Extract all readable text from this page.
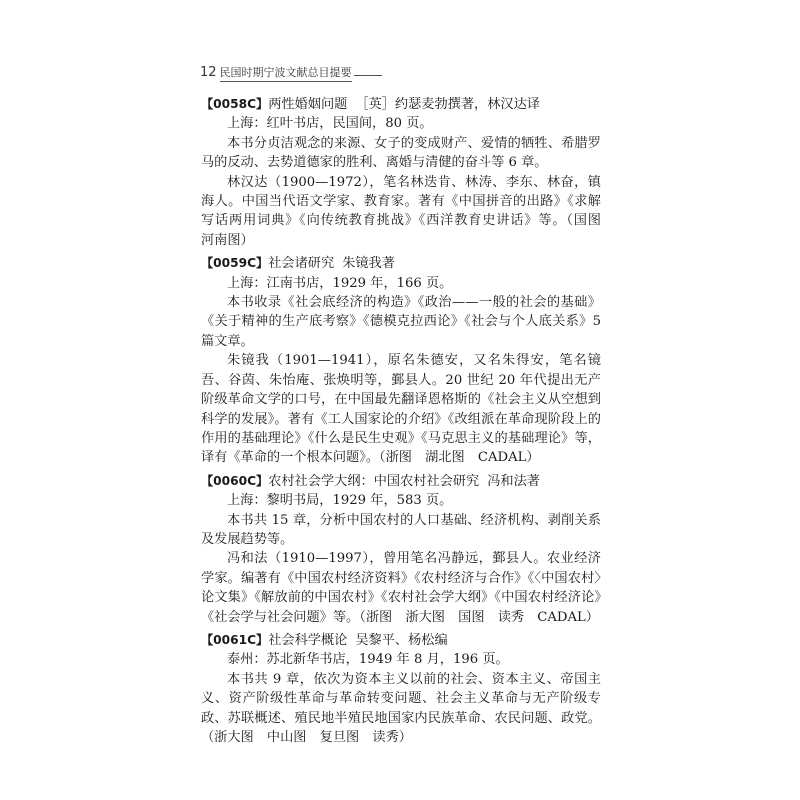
12 民国时期宁波文献总目提要
【0058C】两性婚姻问题 ［英］约瑟麦勃撰著，林汉达译

上海：红叶书店，民国间，80 页。

本书分贞洁观念的来源、女子的变成财产、爱情的牺牲、希腊罗马的反动、去势道德家的胜利、离婚与清健的奋斗等 6 章。

林汉达（1900—1972），笔名林迭肯、林涛、李东、林奋，镇海人。中国当代语文学家、教育家。著有《中国拼音的出路》《求解写话两用词典》《向传统教育挑战》《西洋教育史讲话》等。（国图　河南图）

【0059C】社会诸研究 朱镜我著

上海：江南书店，1929 年，166 页。

本书收录《社会底经济的构造》《政治——一般的社会的基础》《关于精神的生产底考察》《德模克拉西论》《社会与个人底关系》5 篇文章。

朱镜我（1901—1941），原名朱德安，又名朱得安，笔名镜吾、谷茵、朱怡庵、张焕明等，鄞县人。20 世纪 20 年代提出无产阶级革命文学的口号，在中国最先翻译恩格斯的《社会主义从空想到科学的发展》。著有《工人国家论的介绍》《改组派在革命现阶段上的作用的基础理论》《什么是民生史观》《马克思主义的基础理论》等，译有《革命的一个根本问题》。（浙图　湖北图　CADAL）

【0060C】农村社会学大纲：中国农村社会研究 冯和法著

上海：黎明书局，1929 年，583 页。

本书共 15 章，分析中国农村的人口基础、经济机构、剥削关系及发展趋势等。

冯和法（1910—1997），曾用笔名冯静远，鄞县人。农业经济学家。编著有《中国农村经济资料》《农村经济与合作》《〈中国农村〉论文集》《解放前的中国农村》《农村社会学大纲》《中国农村经济论》《社会学与社会问题》等。（浙图　浙大图　国图　读秀　CADAL）

【0061C】社会科学概论 吴黎平、杨松编

泰州：苏北新华书店，1949 年 8 月，196 页。

本书共 9 章，依次为资本主义以前的社会、资本主义、帝国主义、资产阶级性革命与革命转变问题、社会主义革命与无产阶级专政、苏联概述、殖民地半殖民地国家内民族革命、农民问题、政党。（浙大图　中山图　复旦图　读秀）
